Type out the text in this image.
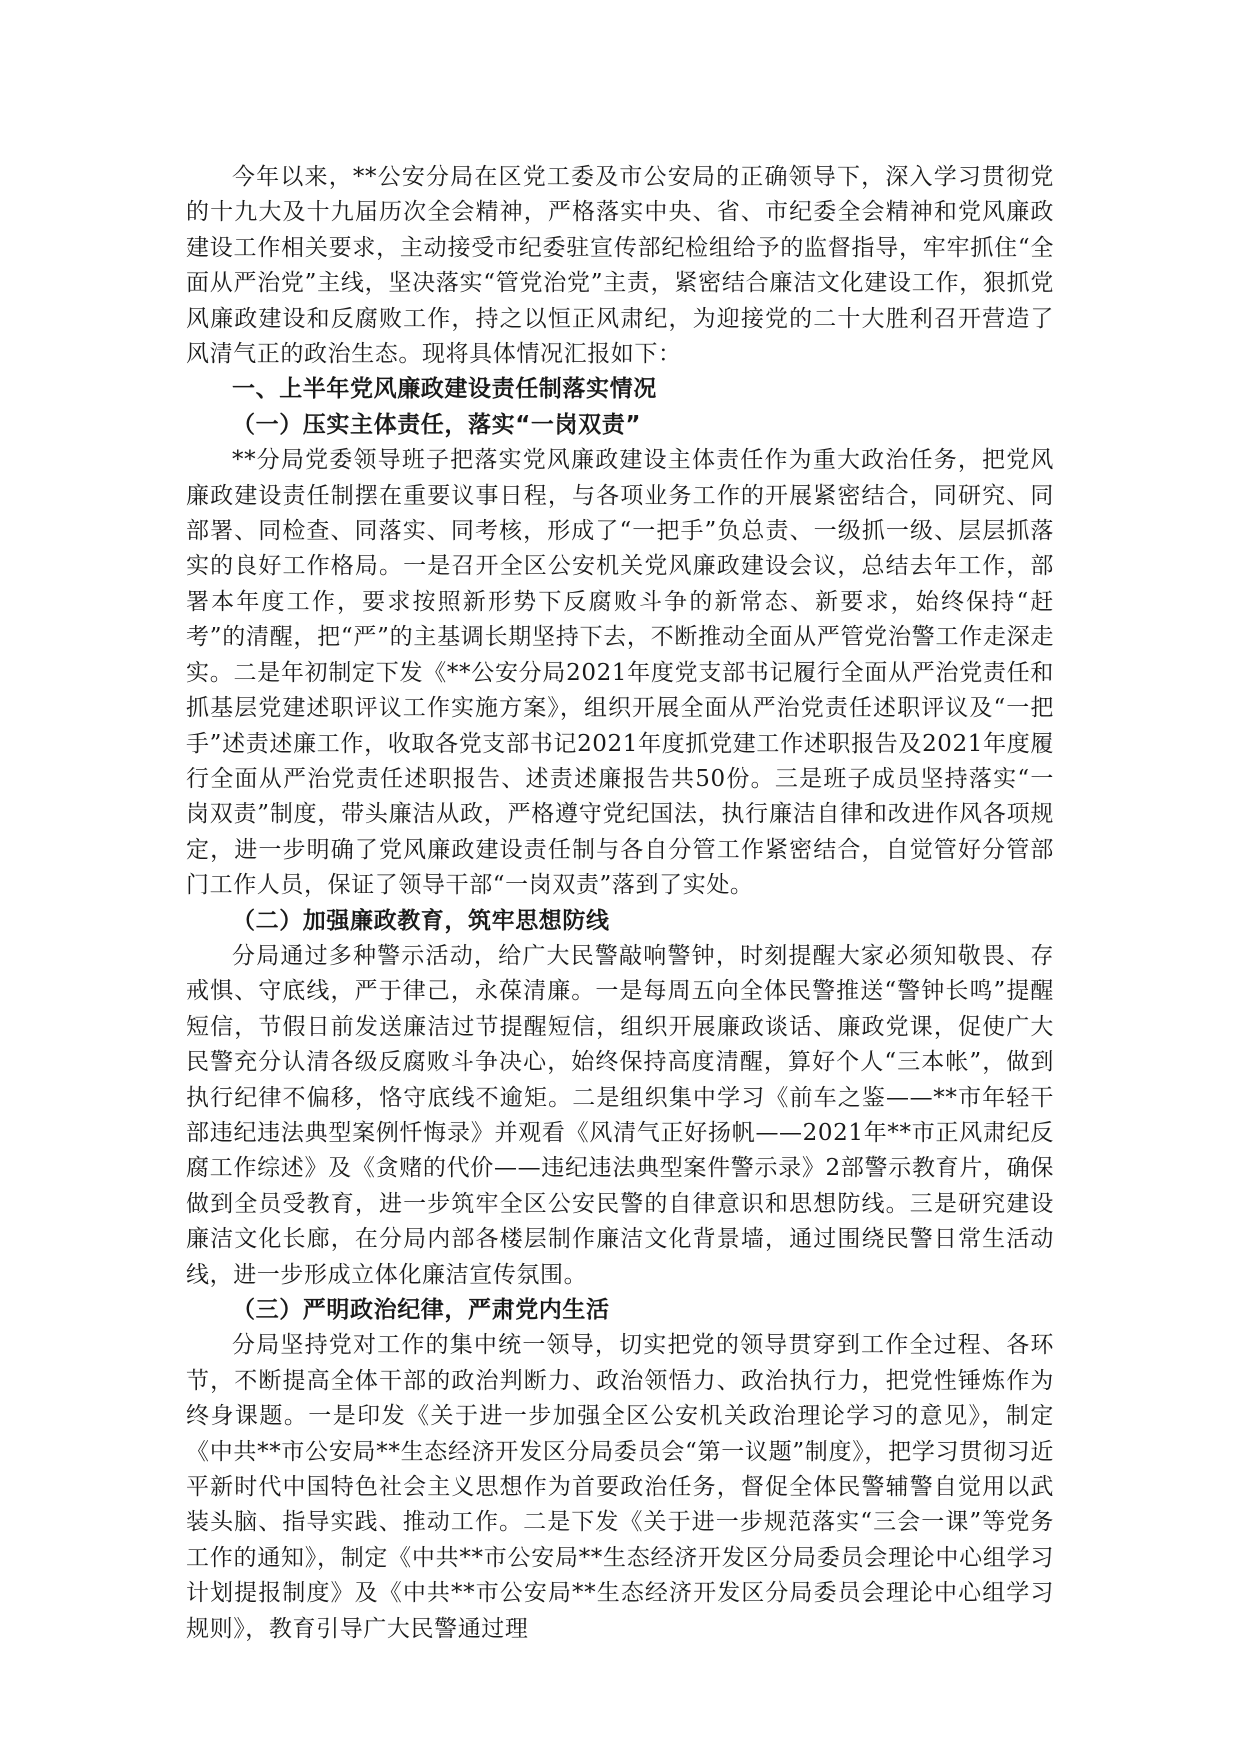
今年以来，**公安分局在区党工委及市公安局的正确领导下，深入学习贯彻党的十九大及十九届历次全会精神，严格落实中央、省、市纪委全会精神和党风廉政建设工作相关要求，主动接受市纪委驻宣传部纪检组给予的监督指导，牢牢抓住“全面从严治党”主线，坚决落实“管党治党”主责，紧密结合廉洁文化建设工作，狠抓党风廉政建设和反腐败工作，持之以恒正风肃纪，为迎接党的二十大胜利召开营造了风清气正的政治生态。现将具体情况汇报如下：

一、上半年党风廉政建设责任制落实情况

（一）压实主体责任，落实“一岗双责”

**分局党委领导班子把落实党风廉政建设主体责任作为重大政治任务，把党风廉政建设责任制摆在重要议事日程，与各项业务工作的开展紧密结合，同研究、同部署、同检查、同落实、同考核，形成了“一把手”负总责、一级抓一级、层层抓落实的良好工作格局。一是召开全区公安机关党风廉政建设会议，总结去年工作，部署本年度工作，要求按照新形势下反腐败斗争的新常态、新要求，始终保持“赶考”的清醒，把“严”的主基调长期坚持下去，不断推动全面从严管党治警工作走深走实。二是年初制定下发《**公安分局2021年度党支部书记履行全面从严治党责任和抓基层党建述职评议工作实施方案》，组织开展全面从严治党责任述职评议及“一把手”述责述廉工作，收取各党支部书记2021年度抓党建工作述职报告及2021年度履行全面从严治党责任述职报告、述责述廉报告共50份。三是班子成员坚持落实“一岗双责”制度，带头廉洁从政，严格遵守党纪国法，执行廉洁自律和改进作风各项规定，进一步明确了党风廉政建设责任制与各自分管工作紧密结合，自觉管好分管部门工作人员，保证了领导干部“一岗双责”落到了实处。

（二）加强廉政教育，筑牢思想防线

分局通过多种警示活动，给广大民警敲响警钟，时刻提醒大家必须知敬畏、存戒惧、守底线，严于律己，永葆清廉。一是每周五向全体民警推送“警钟长鸣”提醒短信，节假日前发送廉洁过节提醒短信，组织开展廉政谈话、廉政党课，促使广大民警充分认清各级反腐败斗争决心，始终保持高度清醒，算好个人“三本帐”，做到执行纪律不偏移，恪守底线不逾矩。二是组织集中学习《前车之鉴——**市年轻干部违纪违法典型案例忏悔录》并观看《风清气正好扬帆——2021年**市正风肃纪反腐工作综述》及《贪赌的代价——违纪违法典型案件警示录》2部警示教育片，确保做到全员受教育，进一步筑牢全区公安民警的自律意识和思想防线。三是研究建设廉洁文化长廊，在分局内部各楼层制作廉洁文化背景墙，通过围绕民警日常生活动线，进一步形成立体化廉洁宣传氛围。

（三）严明政治纪律，严肃党内生活

分局坚持党对工作的集中统一领导，切实把党的领导贯穿到工作全过程、各环节，不断提高全体干部的政治判断力、政治领悟力、政治执行力，把党性锤炼作为终身课题。一是印发《关于进一步加强全区公安机关政治理论学习的意见》，制定《中共**市公安局**生态经济开发区分局委员会“第一议题”制度》，把学习贯彻习近平新时代中国特色社会主义思想作为首要政治任务，督促全体民警辅警自觉用以武装头脑、指导实践、推动工作。二是下发《关于进一步规范落实“三会一课”等党务工作的通知》，制定《中共**市公安局**生态经济开发区分局委员会理论中心组学习计划提报制度》及《中共**市公安局**生态经济开发区分局委员会理论中心组学习规则》，教育引导广大民警通过理
